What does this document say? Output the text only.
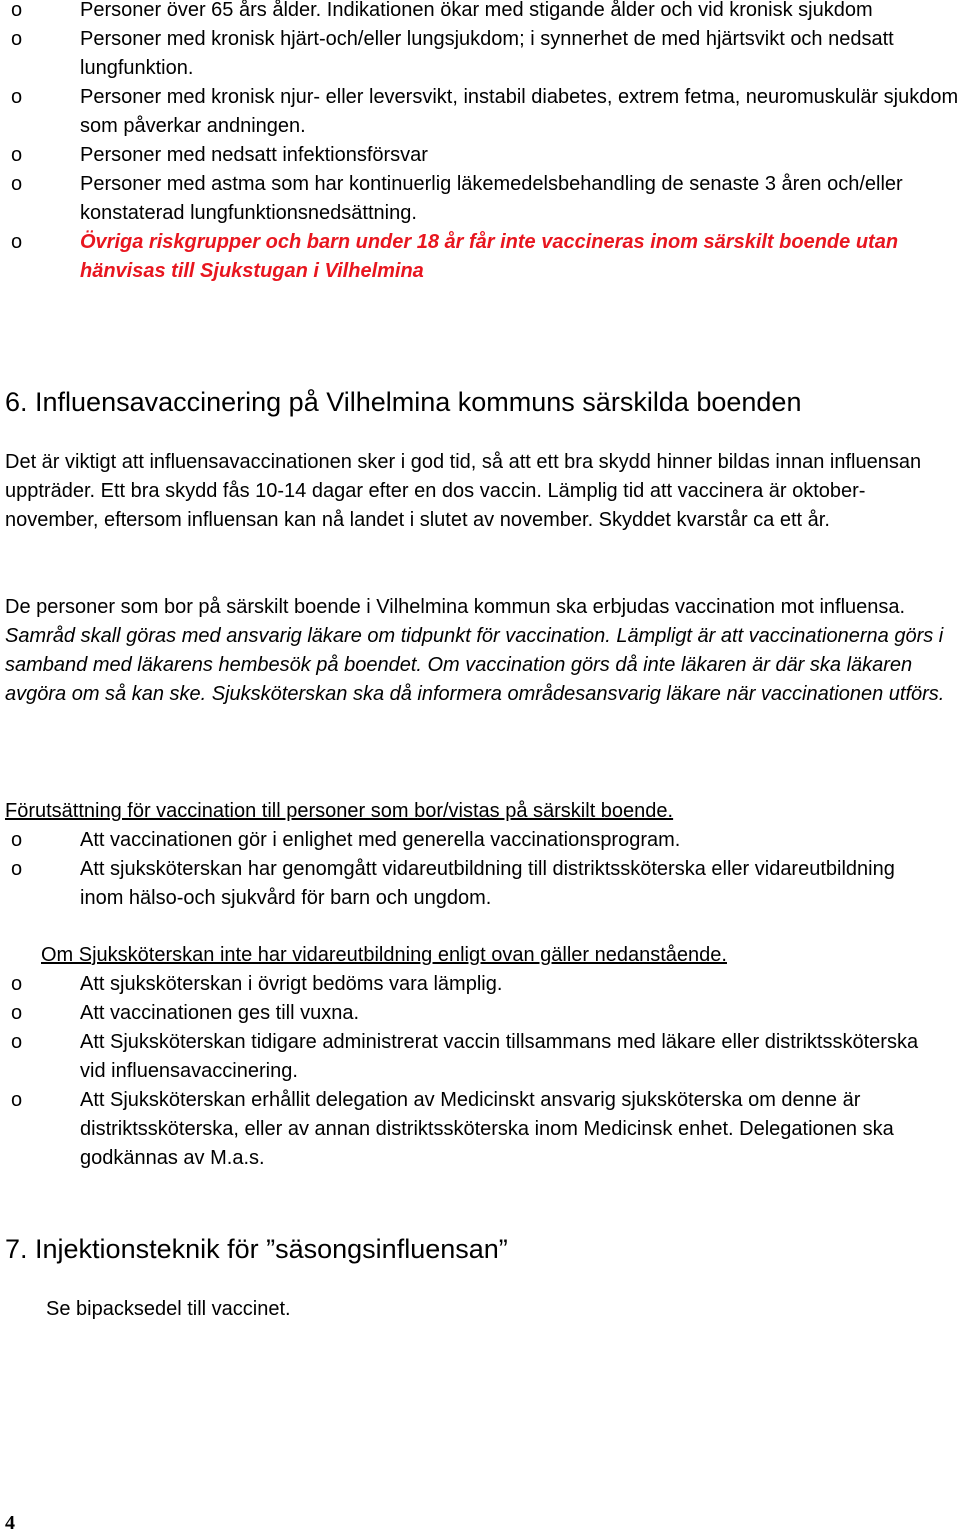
o	Personer över 65 års ålder. Indikationen ökar med stigande ålder och vid kronisk sjukdom
o	Personer med kronisk hjärt-och/eller lungsjukdom; i synnerhet de med hjärtsvikt och nedsatt lungfunktion.
o	Personer med kronisk njur- eller leversvikt, instabil diabetes, extrem fetma, neuromuskulär sjukdom som påverkar andningen.
o	Personer med nedsatt infektionsförsvar
o	Personer med astma som har kontinuerlig läkemedelsbehandling de senaste 3 åren och/eller konstaterad lungfunktionsnedsättning.
o	Övriga riskgrupper och barn under 18 år får inte vaccineras inom särskilt boende utan hänvisas till Sjukstugan i Vilhelmina
6. Influensavaccinering på Vilhelmina kommuns särskilda boenden

Det är viktigt att influensavaccinationen sker i god tid, så att ett bra skydd hinner bildas innan influensan uppträder. Ett bra skydd fås 10-14 dagar efter en dos vaccin. Lämplig tid att vaccinera är oktober-november, eftersom influensan kan nå landet i slutet av november. Skyddet kvarstår ca ett år.

De personer som bor på särskilt boende i Vilhelmina kommun ska erbjudas vaccination mot influensa. Samråd skall göras med ansvarig läkare om tidpunkt för vaccination. Lämpligt är att vaccinationerna görs i samband med läkarens hembesök på boendet. Om vaccination görs då inte läkaren är där ska läkaren avgöra om så kan ske. Sjuksköterskan ska då informera områdesansvarig läkare när vaccinationen utförs.

Förutsättning för vaccination till personer som bor/vistas på särskilt boende.

o	Att vaccinationen gör i enlighet med generella vaccinationsprogram.
o	Att sjuksköterskan har genomgått vidareutbildning till distriktssköterska eller vidareutbildning inom hälso-och sjukvård för barn och ungdom.

Om Sjuksköterskan inte har vidareutbildning enligt ovan gäller nedanstående.

o	Att sjuksköterskan i övrigt bedöms vara lämplig.
o	Att vaccinationen ges till vuxna.
o	Att Sjuksköterskan tidigare administrerat vaccin tillsammans med läkare eller distriktssköterska vid influensavaccinering.
o	Att Sjuksköterskan erhållit delegation av Medicinskt ansvarig sjuksköterska om denne är distriktssköterska, eller av annan distriktssköterska inom Medicinsk enhet. Delegationen ska godkännas av M.a.s.
7. Injektionsteknik för ”säsongsinfluensan”

Se bipacksedel till vaccinet.

4
